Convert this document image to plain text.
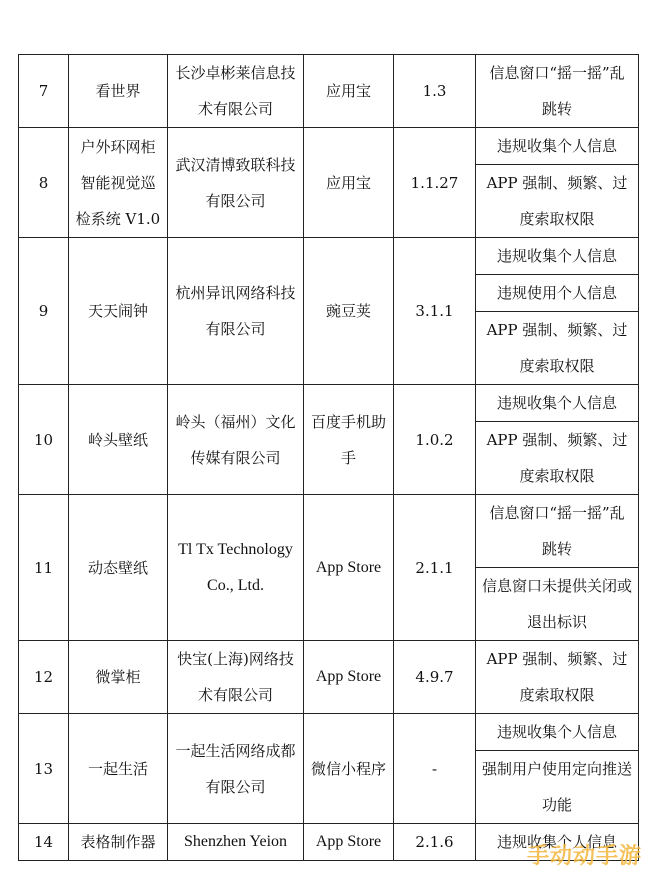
7	看世界	长沙卓彬莱信息技术有限公司	应用宝	1.3	信息窗口“摇一摇”乱跳转
8	户外环网柜智能视觉巡检系统 V1.0	武汉清博致联科技有限公司	应用宝	1.1.27	违规收集个人信息
					APP 强制、频繁、过度索取权限
9	天天闹钟	杭州异讯网络科技有限公司	豌豆荚	3.1.1	违规收集个人信息
					违规使用个人信息
					APP 强制、频繁、过度索取权限
10	岭头壁纸	岭头（福州）文化传媒有限公司	百度手机助手	1.0.2	违规收集个人信息
					APP 强制、频繁、过度索取权限
11	动态壁纸	Tl Tx Technology Co., Ltd.	App Store	2.1.1	信息窗口“摇一摇”乱跳转
					信息窗口未提供关闭或退出标识
12	微掌柜	快宝(上海)网络技术有限公司	App Store	4.9.7	APP 强制、频繁、过度索取权限
13	一起生活	一起生活网络成都有限公司	微信小程序	-	违规收集个人信息
					强制用户使用定向推送功能
14	表格制作器	Shenzhen Yeion	App Store	2.1.6	违规收集个人信息
手动动手游
